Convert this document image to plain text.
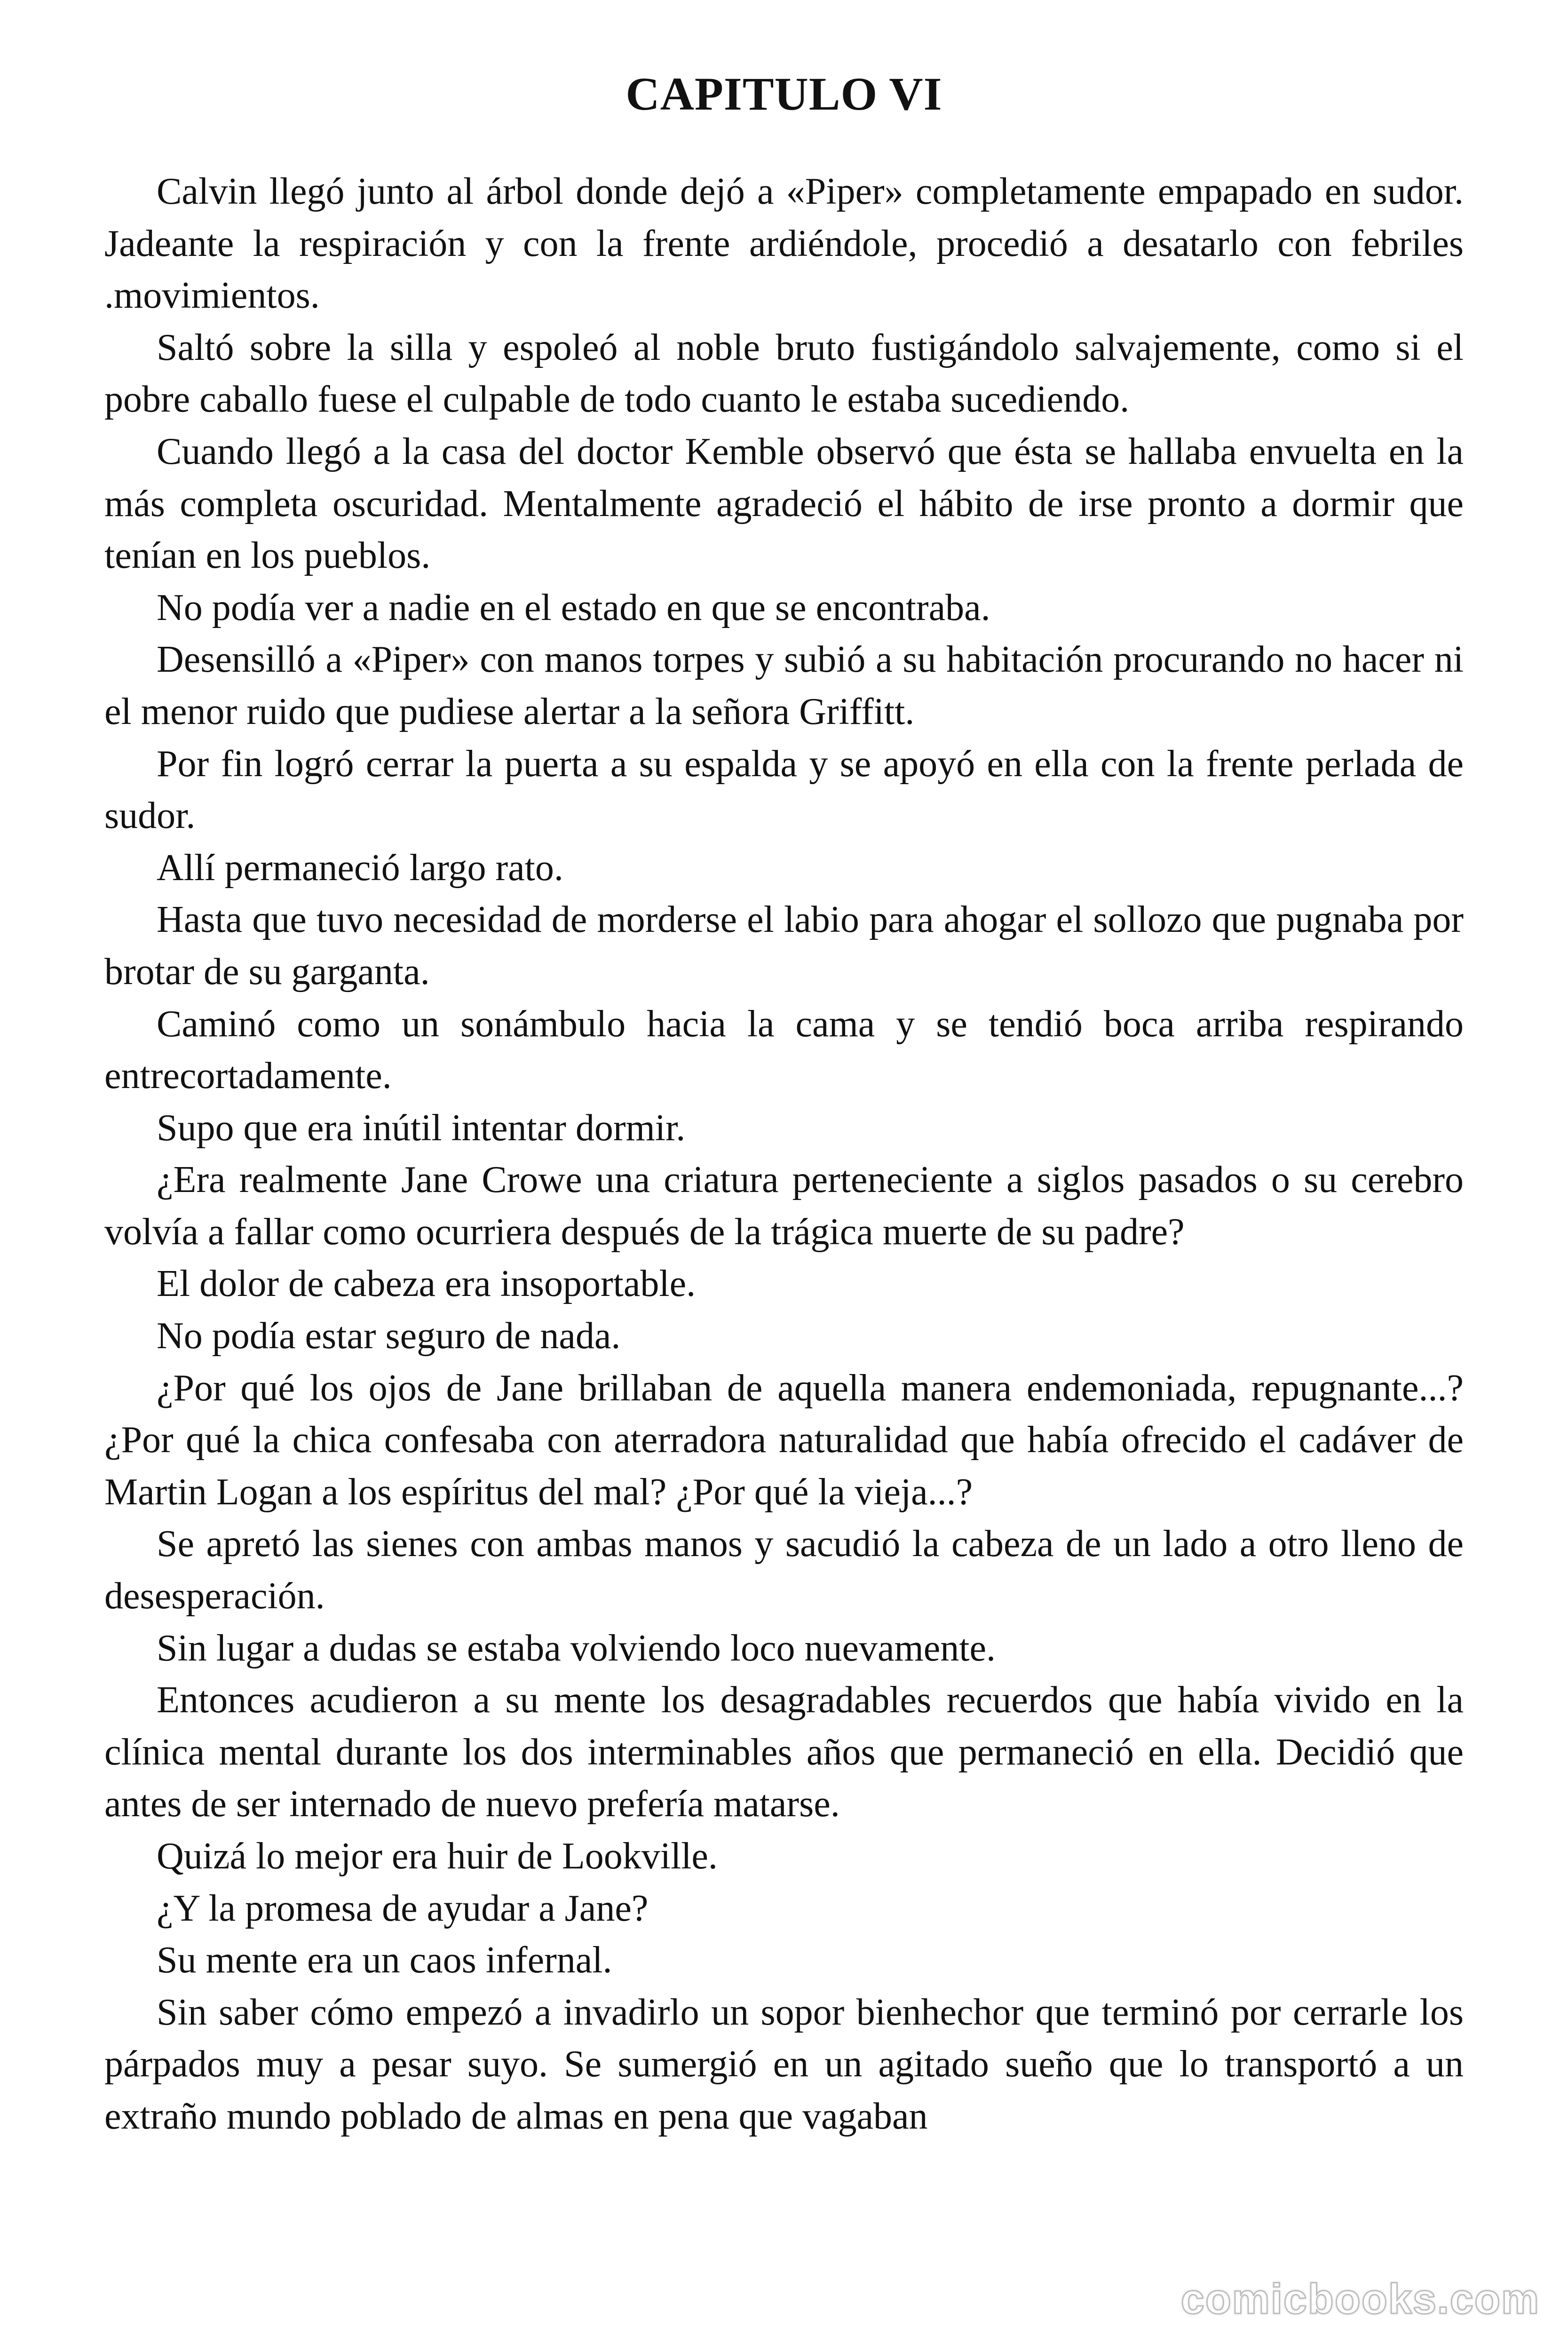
CAPITULO VI

Calvin llegó junto al árbol donde dejó a «Piper» completamente empapado en sudor. Jadeante la respiración y con la frente ardiéndole, procedió a desatarlo con febriles .movimientos.

Saltó sobre la silla y espoleó al noble bruto fustigándolo salvajemente, como si el pobre caballo fuese el culpable de todo cuanto le estaba sucediendo.

Cuando llegó a la casa del doctor Kemble observó que ésta se hallaba envuelta en la más completa oscuridad. Mentalmente agradeció el hábito de irse pronto a dormir que tenían en los pueblos.

No podía ver a nadie en el estado en que se encontraba.

Desensilló a «Piper» con manos torpes y subió a su habitación procurando no hacer ni el menor ruido que pudiese alertar a la señora Griffitt.

Por fin logró cerrar la puerta a su espalda y se apoyó en ella con la frente perlada de sudor.

Allí permaneció largo rato.

Hasta que tuvo necesidad de morderse el labio para ahogar el sollozo que pugnaba por brotar de su garganta.

Caminó como un sonámbulo hacia la cama y se tendió boca arriba respirando entrecortadamente.

Supo que era inútil intentar dormir.

¿Era realmente Jane Crowe una criatura perteneciente a siglos pasados o su cerebro volvía a fallar como ocurriera después de la trágica muerte de su padre?

El dolor de cabeza era insoportable.

No podía estar seguro de nada.

¿Por qué los ojos de Jane brillaban de aquella manera endemoniada, repugnante...? ¿Por qué la chica confesaba con aterradora naturalidad que había ofrecido el cadáver de Martin Logan a los espíritus del mal? ¿Por qué la vieja...?

Se apretó las sienes con ambas manos y sacudió la cabeza de un lado a otro lleno de desesperación.

Sin lugar a dudas se estaba volviendo loco nuevamente.

Entonces acudieron a su mente los desagradables recuerdos que había vivido en la clínica mental durante los dos interminables años que permaneció en ella. Decidió que antes de ser internado de nuevo prefería matarse.

Quizá lo mejor era huir de Lookville.

¿Y la promesa de ayudar a Jane?

Su mente era un caos infernal.

Sin saber cómo empezó a invadirlo un sopor bienhechor que terminó por cerrarle los párpados muy a pesar suyo. Se sumergió en un agitado sueño que lo transportó a un extraño mundo poblado de almas en pena que vagaban

comicbooks.com
